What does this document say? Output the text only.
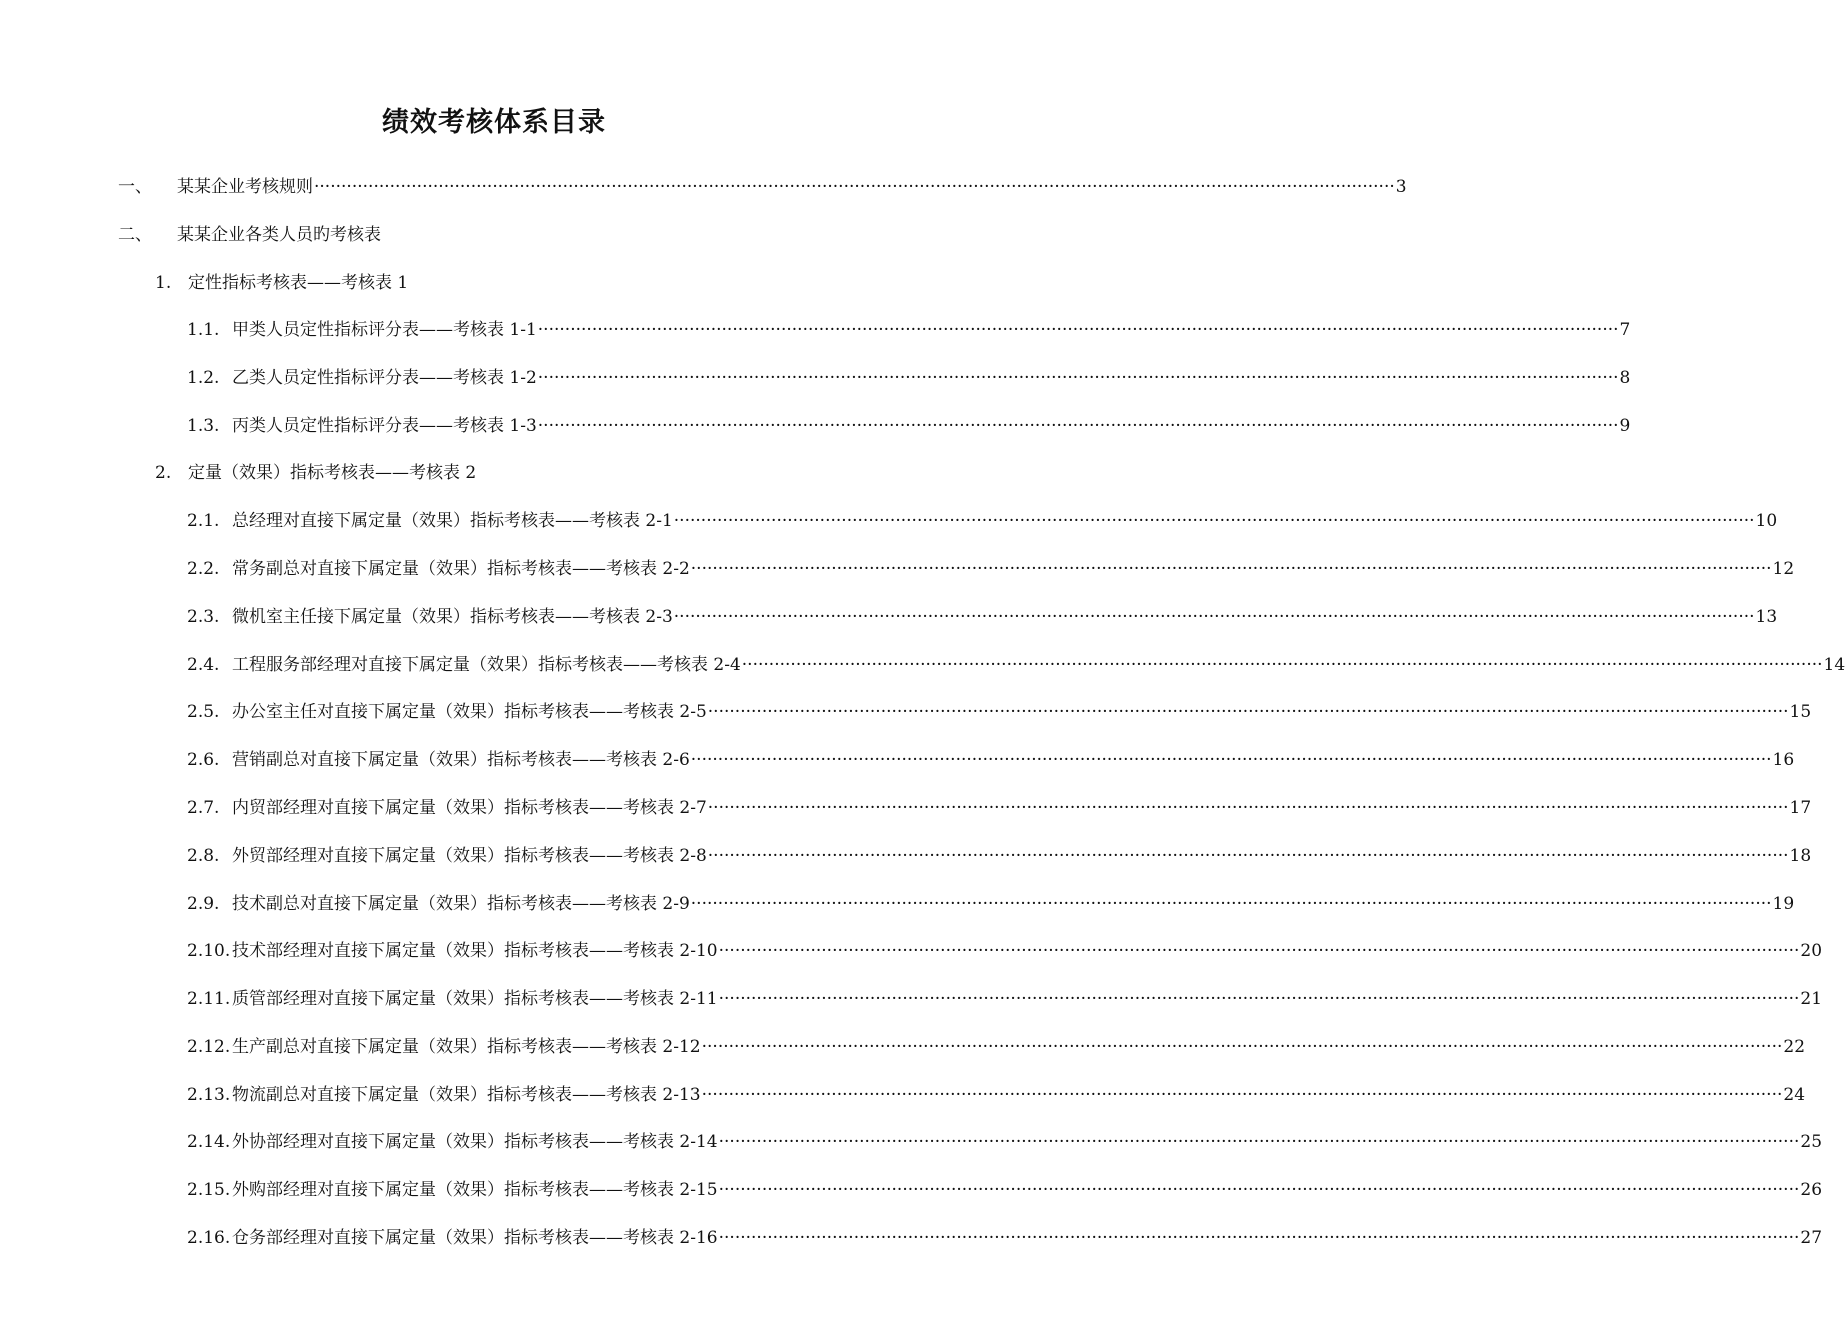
绩效考核体系目录
一、 某某企业考核规则 ········································································································································································································ 3
二、 某某企业各类人员旳考核表
1. 定性指标考核表——考核表 1
1.1. 甲类人员定性指标评分表——考核表 1-1 ········································································································································································································ 7
1.2. 乙类人员定性指标评分表——考核表 1-2 ········································································································································································································ 8
1.3. 丙类人员定性指标评分表——考核表 1-3 ········································································································································································································ 9
2. 定量（效果）指标考核表——考核表 2
2.1. 总经理对直接下属定量（效果）指标考核表——考核表 2-1 ········································································································································································································ 10
2.2. 常务副总对直接下属定量（效果）指标考核表——考核表 2-2 ········································································································································································································ 12
2.3. 微机室主任接下属定量（效果）指标考核表——考核表 2-3 ········································································································································································································ 13
2.4. 工程服务部经理对直接下属定量（效果）指标考核表——考核表 2-4 ········································································································································································································ 14
2.5. 办公室主任对直接下属定量（效果）指标考核表——考核表 2-5 ········································································································································································································ 15
2.6. 营销副总对直接下属定量（效果）指标考核表——考核表 2-6 ········································································································································································································ 16
2.7. 内贸部经理对直接下属定量（效果）指标考核表——考核表 2-7 ········································································································································································································ 17
2.8. 外贸部经理对直接下属定量（效果）指标考核表——考核表 2-8 ········································································································································································································ 18
2.9. 技术副总对直接下属定量（效果）指标考核表——考核表 2-9 ········································································································································································································ 19
2.10. 技术部经理对直接下属定量（效果）指标考核表——考核表 2-10 ········································································································································································································ 20
2.11. 质管部经理对直接下属定量（效果）指标考核表——考核表 2-11 ········································································································································································································ 21
2.12. 生产副总对直接下属定量（效果）指标考核表——考核表 2-12 ········································································································································································································ 22
2.13. 物流副总对直接下属定量（效果）指标考核表——考核表 2-13 ········································································································································································································ 24
2.14. 外协部经理对直接下属定量（效果）指标考核表——考核表 2-14 ········································································································································································································ 25
2.15. 外购部经理对直接下属定量（效果）指标考核表——考核表 2-15 ········································································································································································································ 26
2.16. 仓务部经理对直接下属定量（效果）指标考核表——考核表 2-16 ········································································································································································································ 27
